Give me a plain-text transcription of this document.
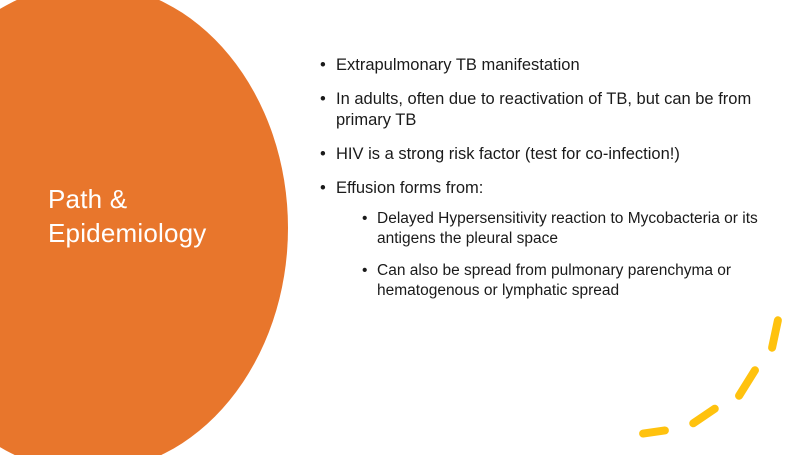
Path &
Epidemiology
• Extrapulmonary TB manifestation
• In adults, often due to reactivation of TB, but can be from primary TB
• HIV is a strong risk factor (test for co-infection!)
• Effusion forms from:
• Delayed Hypersensitivity reaction to Mycobacteria or its antigens the pleural space
• Can also be spread from pulmonary parenchyma or hematogenous or lymphatic spread
